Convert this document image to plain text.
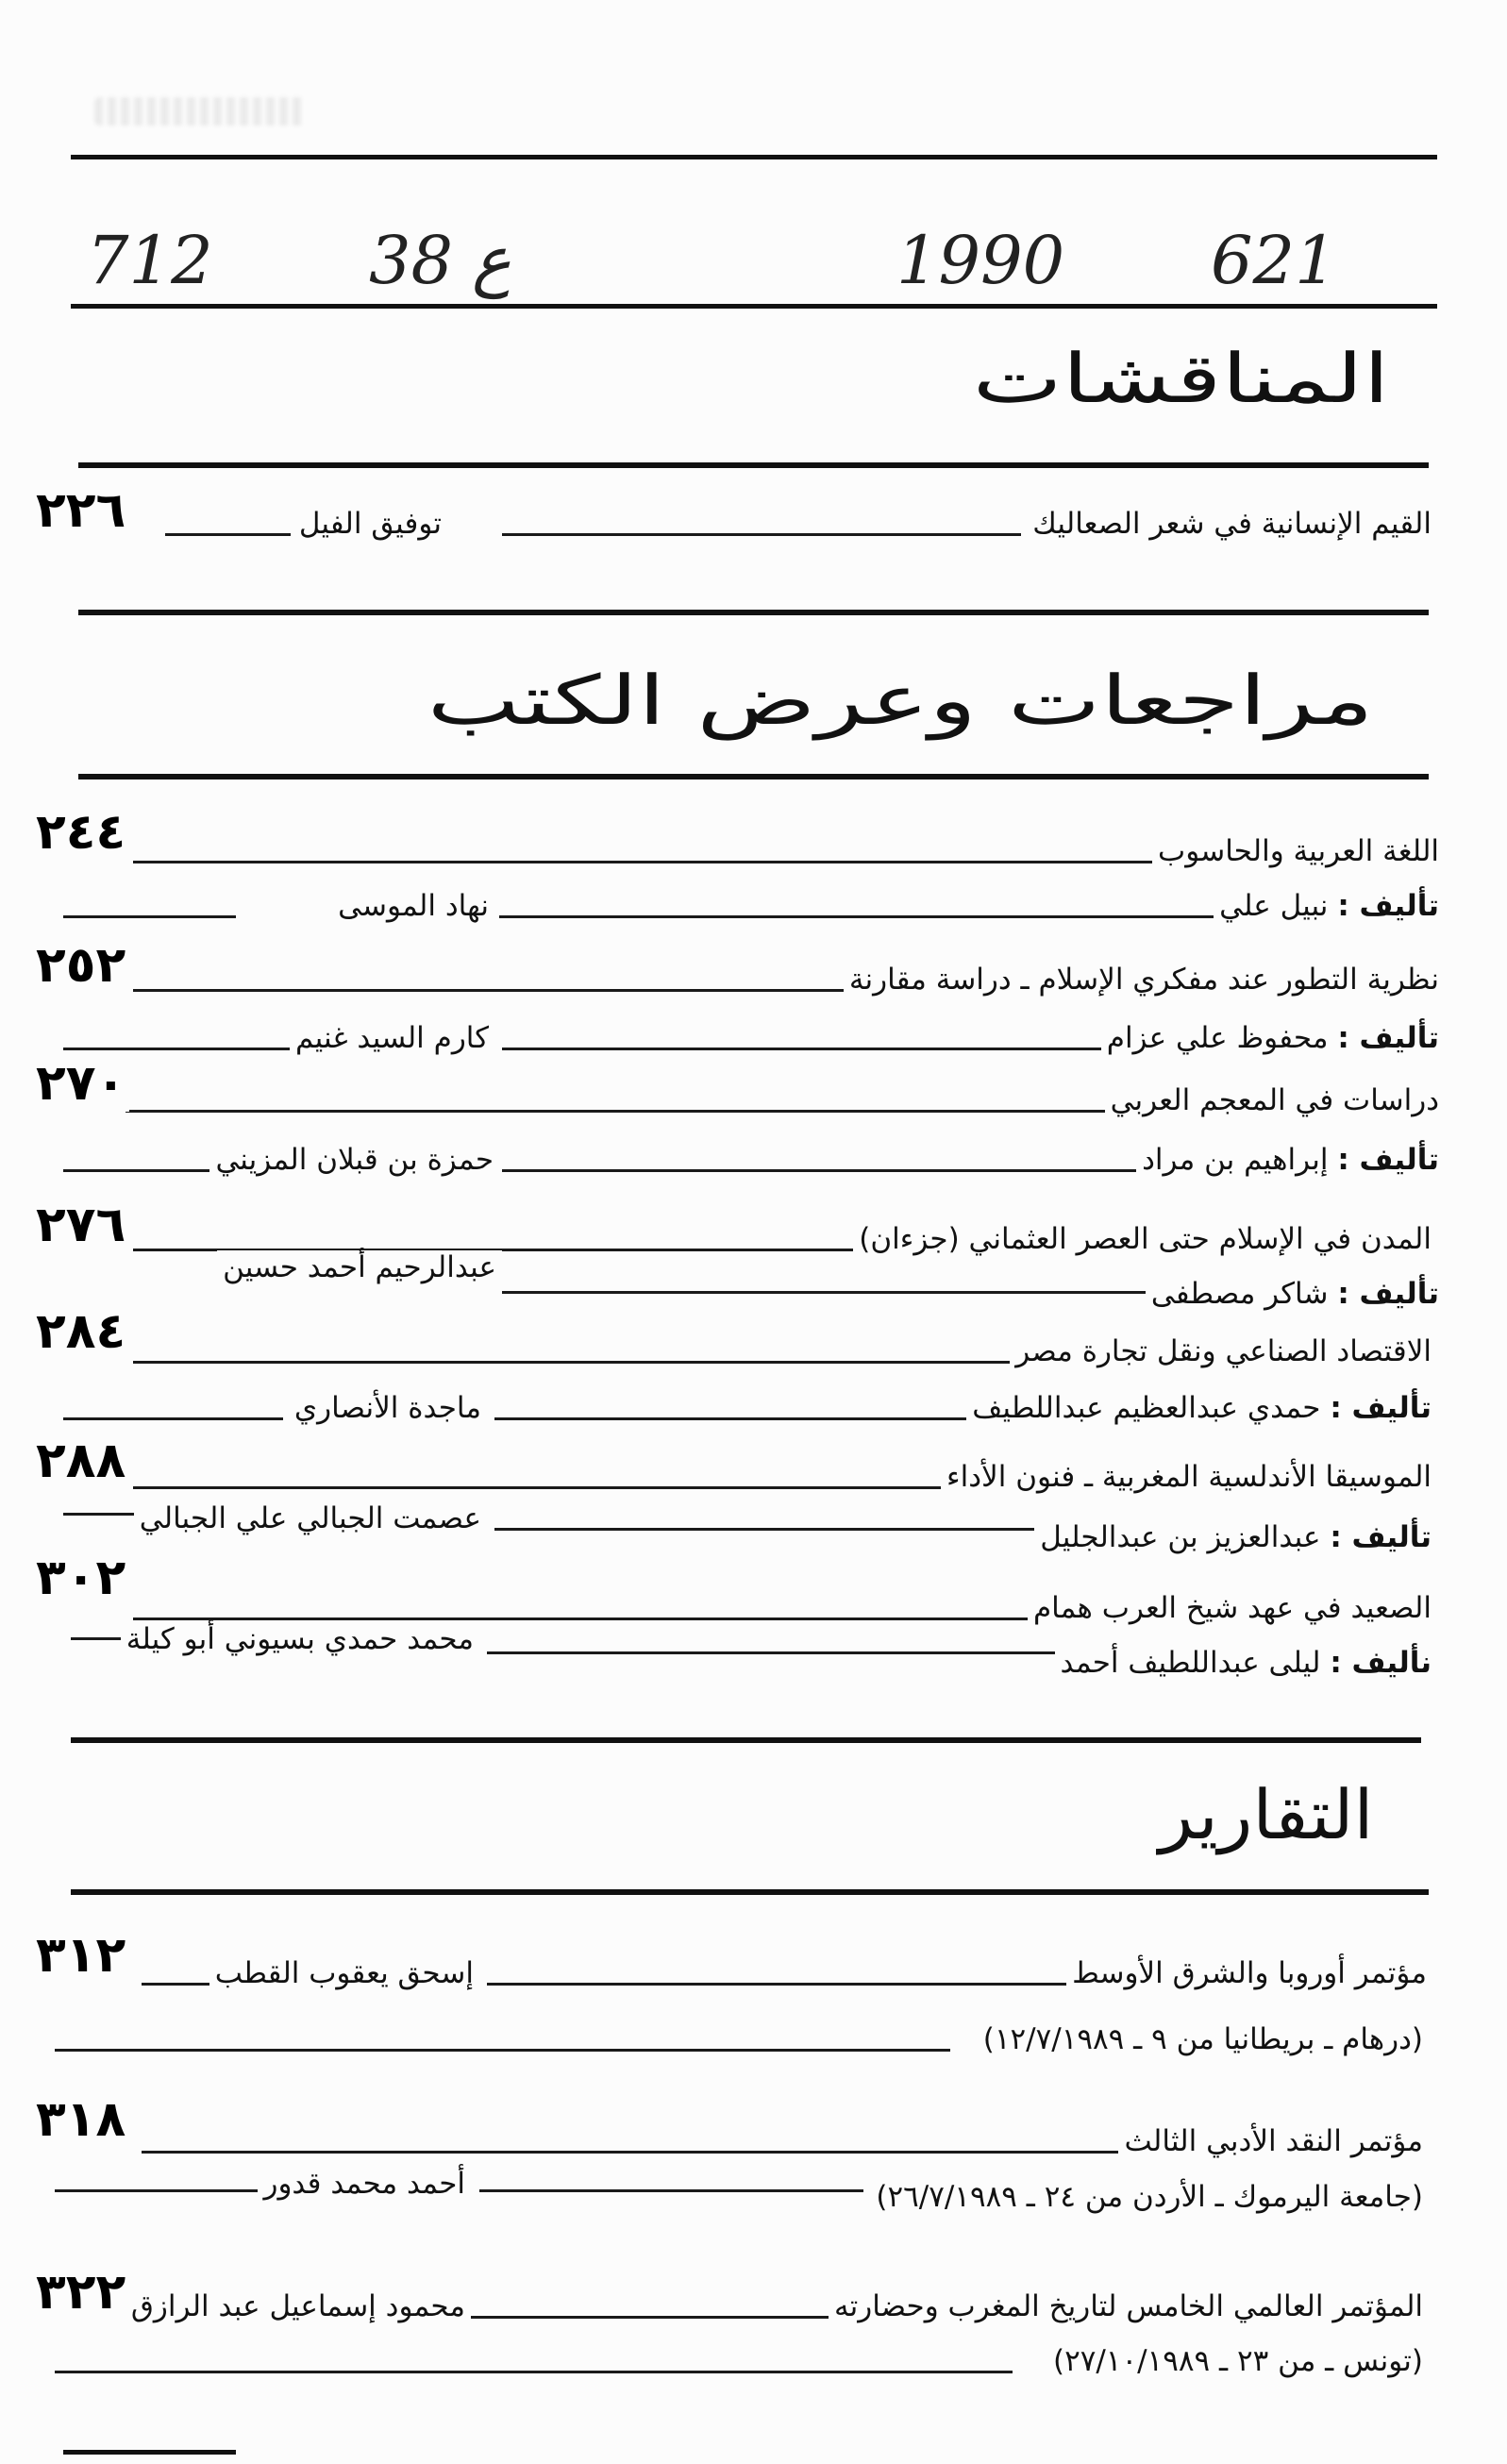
712 38 ع	1990 621
المناقشات
القيم الإنسانية في شعر الصعاليك
توفيق الفيل
٢٢٦
مراجعات وعرض الكتب
اللغة العربية والحاسوب
٢٤٤
تأليف : نبيل علي
نهاد الموسى
نظرية التطور عند مفكري الإسلام ـ دراسة مقارنة
٢٥٢
تأليف : محفوظ علي عزام
كارم السيد غنيم
دراسات في المعجم العربي
٢٧٠
تأليف : إبراهيم بن مراد
حمزة بن قبلان المزيني
المدن في الإسلام حتى العصر العثماني (جزءان)
٢٧٦
عبدالرحيم أحمد حسين
تأليف : شاكر مصطفى
الاقتصاد الصناعي ونقل تجارة مصر
٢٨٤
تأليف : حمدي عبدالعظيم عبداللطيف
ماجدة الأنصاري
الموسيقا الأندلسية المغربية ـ فنون الأداء
٢٨٨
عصمت الجبالي علي الجبالي
تأليف : عبدالعزيز بن عبدالجليل
الصعيد في عهد شيخ العرب همام
٣٠٢
محمد حمدي بسيوني أبو كيلة
نأليف : ليلى عبداللطيف أحمد
التقارير
مؤتمر أوروبا والشرق الأوسط
إسحق يعقوب القطب
٣١٢
(درهام ـ بريطانيا من ٩ ـ ١٢/٧/١٩٨٩)
مؤتمر النقد الأدبي الثالث
٣١٨
(جامعة اليرموك ـ الأردن من ٢٤ ـ ٢٦/٧/١٩٨٩)
أحمد محمد قدور
المؤتمر العالمي الخامس لتاريخ المغرب وحضارته
محمود إسماعيل عبد الرازق
٣٢٢
(تونس ـ من ٢٣ ـ ٢٧/١٠/١٩٨٩)
